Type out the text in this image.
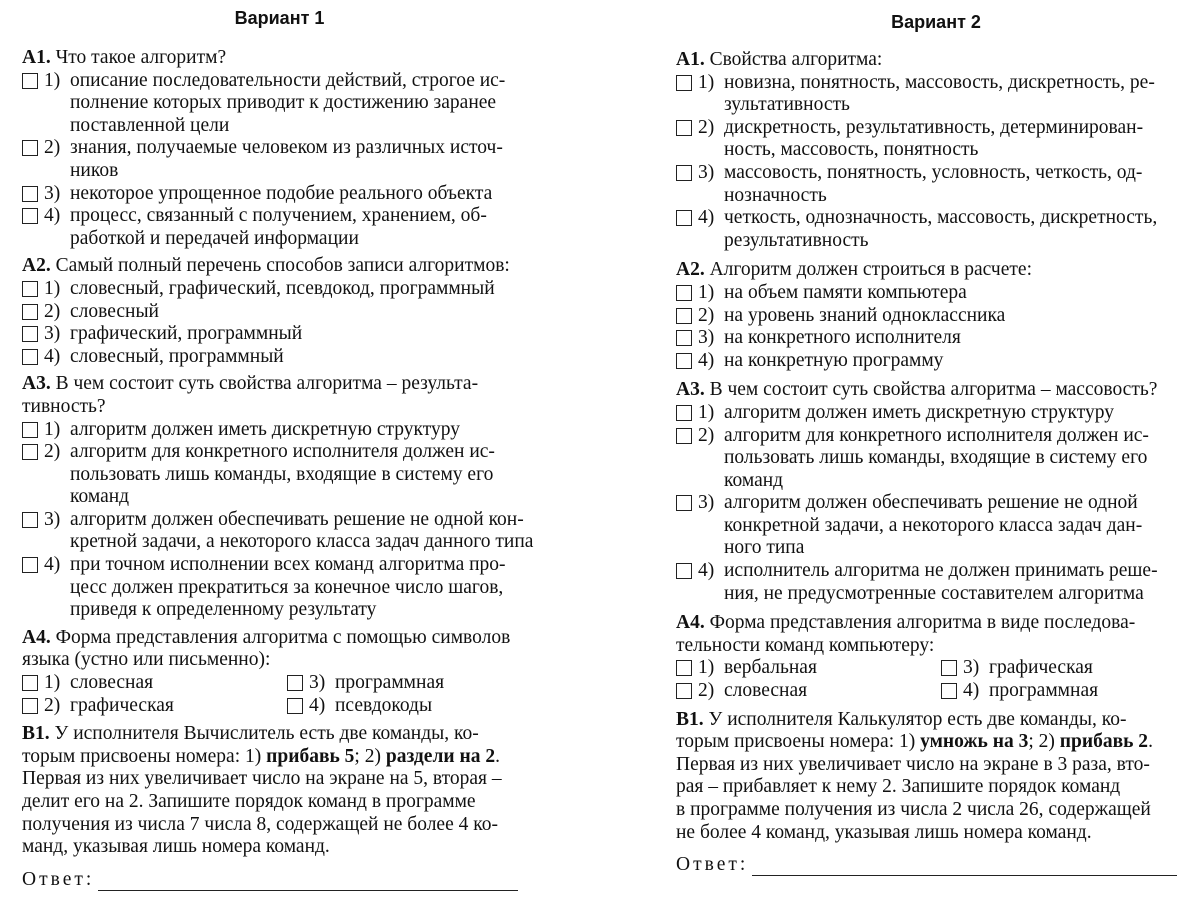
Вариант 1
А1. Что такое алгоритм?
1) описание последовательности действий, строгое ис-
полнение которых приводит к достижению заранее
поставленной цели
2) знания, получаемые человеком из различных источ-
ников
3) некоторое упрощенное подобие реального объекта
4) процесс, связанный с получением, хранением, об-
работкой и передачей информации
А2. Самый полный перечень способов записи алгоритмов:
1) словесный, графический, псевдокод, программный
2) словесный
3) графический, программный
4) словесный, программный
А3. В чем состоит суть свойства алгоритма – результа-
тивность?
1) алгоритм должен иметь дискретную структуру
2) алгоритм для конкретного исполнителя должен ис-
пользовать лишь команды, входящие в систему его
команд
3) алгоритм должен обеспечивать решение не одной кон-
кретной задачи, а некоторого класса задач данного типа
4) при точном исполнении всех команд алгоритма про-
цесс должен прекратиться за конечное число шагов,
приведя к определенному результату
А4. Форма представления алгоритма с помощью символов
языка (устно или письменно):
1) словесная	3) программная
2) графическая	4) псевдокоды
В1. У исполнителя Вычислитель есть две команды, ко-
торым присвоены номера: 1) прибавь 5; 2) раздели на 2.
Первая из них увеличивает число на экране на 5, вторая –
делит его на 2. Запишите порядок команд в программе
получения из числа 7 числа 8, содержащей не более 4 ко-
манд, указывая лишь номера команд.
Ответ:
Вариант 2
А1. Свойства алгоритма:
1) новизна, понятность, массовость, дискретность, ре-
зультативность
2) дискретность, результативность, детерминирован-
ность, массовость, понятность
3) массовость, понятность, условность, четкость, од-
нозначность
4) четкость, однозначность, массовость, дискретность,
результативность
А2. Алгоритм должен строиться в расчете:
1) на объем памяти компьютера
2) на уровень знаний одноклассника
3) на конкретного исполнителя
4) на конкретную программу
А3. В чем состоит суть свойства алгоритма – массовость?
1) алгоритм должен иметь дискретную структуру
2) алгоритм для конкретного исполнителя должен ис-
пользовать лишь команды, входящие в систему его
команд
3) алгоритм должен обеспечивать решение не одной
конкретной задачи, а некоторого класса задач дан-
ного типа
4) исполнитель алгоритма не должен принимать реше-
ния, не предусмотренные составителем алгоритма
А4. Форма представления алгоритма в виде последова-
тельности команд компьютеру:
1) вербальная	3) графическая
2) словесная	4) программная
В1. У исполнителя Калькулятор есть две команды, ко-
торым присвоены номера: 1) умножь на 3; 2) прибавь 2.
Первая из них увеличивает число на экране в 3 раза, вто-
рая – прибавляет к нему 2. Запишите порядок команд
в программе получения из числа 2 числа 26, содержащей
не более 4 команд, указывая лишь номера команд.
Ответ:
